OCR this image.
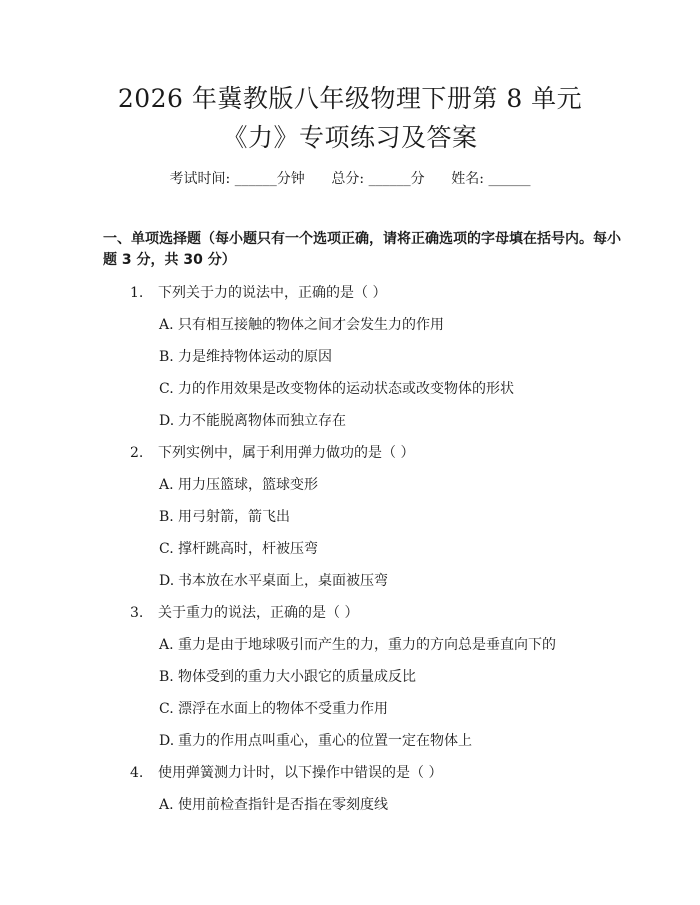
2026 年冀教版八年级物理下册第 8 单元
《力》专项练习及答案
考试时间: ______分钟      总分: ______分      姓名: ______
一、单项选择题（每小题只有一个选项正确，请将正确选项的字母填在括号内。每小题 3 分，共 30 分）
1. 下列关于力的说法中，正确的是（ ）
A. 只有相互接触的物体之间才会发生力的作用
B. 力是维持物体运动的原因
C. 力的作用效果是改变物体的运动状态或改变物体的形状
D. 力不能脱离物体而独立存在
2. 下列实例中，属于利用弹力做功的是（ ）
A. 用力压篮球，篮球变形
B. 用弓射箭，箭飞出
C. 撑杆跳高时，杆被压弯
D. 书本放在水平桌面上，桌面被压弯
3. 关于重力的说法，正确的是（ ）
A. 重力是由于地球吸引而产生的力，重力的方向总是垂直向下的
B. 物体受到的重力大小跟它的质量成反比
C. 漂浮在水面上的物体不受重力作用
D. 重力的作用点叫重心，重心的位置一定在物体上
4. 使用弹簧测力计时，以下操作中错误的是（ ）
A. 使用前检查指针是否指在零刻度线
